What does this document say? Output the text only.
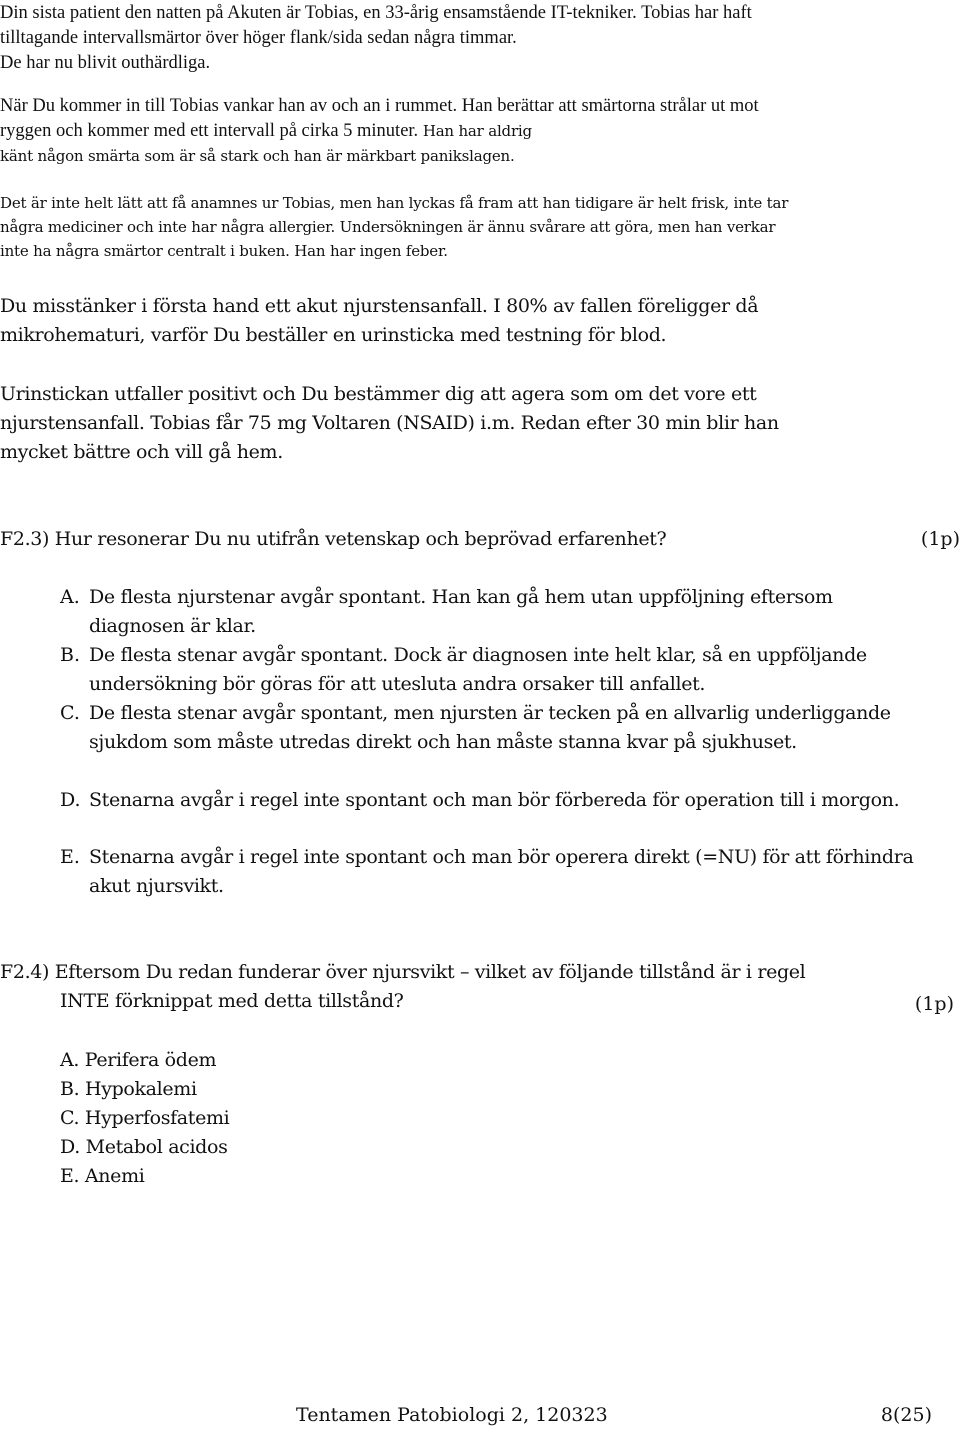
Din sista patient den natten på Akuten är Tobias, en 33-årig ensamstående IT-tekniker. Tobias har haft
tilltagande intervallsmärtor över höger flank/sida sedan några timmar.
De har nu blivit outhärdliga.
När Du kommer in till Tobias vankar han av och an i rummet. Han berättar att smärtorna strålar ut mot
ryggen och kommer med ett intervall på cirka 5 minuter. Han har aldrig
känt någon smärta som är så stark och han är märkbart panikslagen.
Det är inte helt lätt att få anamnes ur Tobias, men han lyckas få fram att han tidigare är helt frisk, inte tar
några mediciner och inte har några allergier. Undersökningen är ännu svårare att göra, men han verkar
inte ha några smärtor centralt i buken. Han har ingen feber.
Du misstänker i första hand ett akut njurstensanfall. I 80% av fallen föreligger då
mikrohematuri, varför Du beställer en urinsticka med testning för blod.
Urinstickan utfaller positivt och Du bestämmer dig att agera som om det vore ett
njurstensanfall. Tobias får 75 mg Voltaren (NSAID) i.m. Redan efter 30 min blir han
mycket bättre och vill gå hem.
F2.3) Hur resonerar Du nu utifrån vetenskap och beprövad erfarenhet?	(1p)
A. De flesta njurstenar avgår spontant. Han kan gå hem utan uppföljning eftersom diagnosen är klar.
B. De flesta stenar avgår spontant. Dock är diagnosen inte helt klar, så en uppföljande undersökning bör göras för att utesluta andra orsaker till anfallet.
C. De flesta stenar avgår spontant, men njursten är tecken på en allvarlig underliggande sjukdom som måste utredas direkt och han måste stanna kvar på sjukhuset.
D. Stenarna avgår i regel inte spontant och man bör förbereda för operation till i morgon.
E. Stenarna avgår i regel inte spontant och man bör operera direkt (=NU) för att förhindra akut njursvikt.
F2.4) Eftersom Du redan funderar över njursvikt – vilket av följande tillstånd är i regel
INTE förknippat med detta tillstånd?	(1p)
A. Perifera ödem
B. Hypokalemi
C. Hyperfosfatemi
D. Metabol acidos
E. Anemi
Tentamen Patobiologi 2, 120323	8(25)
